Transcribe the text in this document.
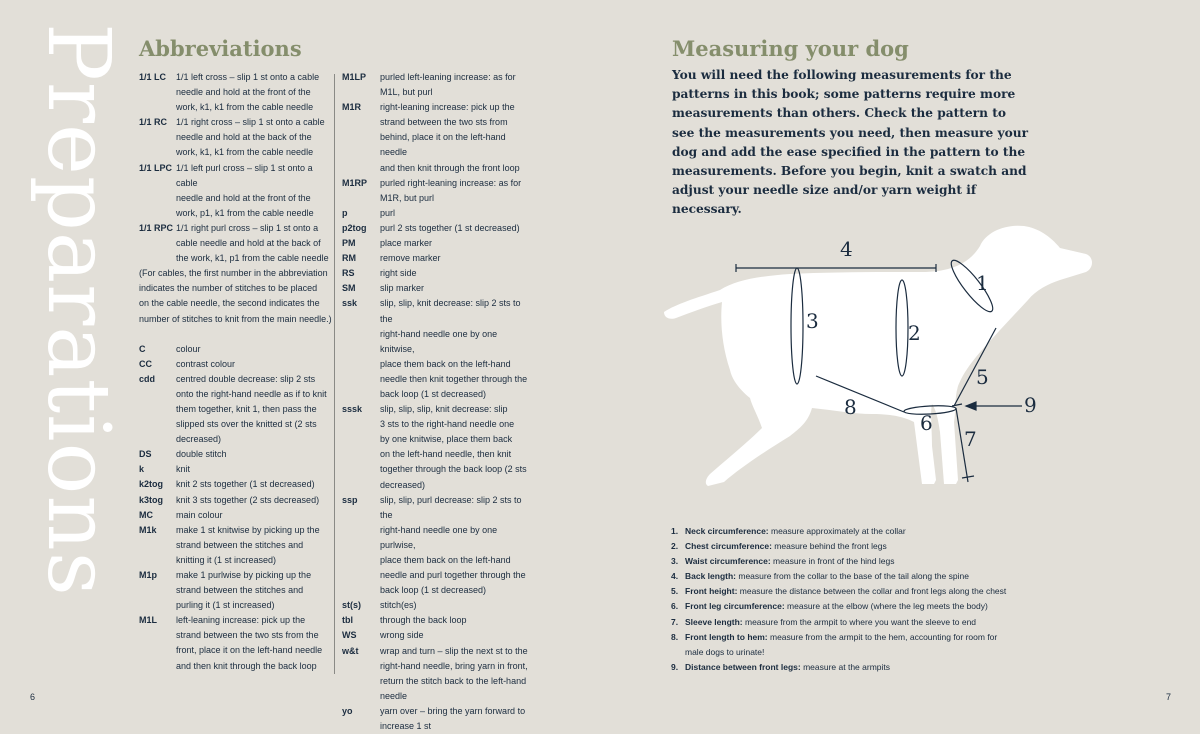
Preparations Abbreviations
1/1 LC	1/1 left cross – slip 1 st onto a cable
needle and hold at the front of the
work, k1, k1 from the cable needle
1/1 RC 1/1 right cross – slip 1 st onto a cable
needle and hold at the back of the
work, k1, k1 from the cable needle
1/1 LPC 1/1 left purl cross – slip 1 st onto a cable
needle and hold at the front of the
work, p1, k1 from the cable needle
1/1 RPC 1/1 right purl cross – slip 1 st onto a
cable needle and hold at the back of
the work, k1, p1 from the cable needle
(For cables, the first number in the abbreviation
indicates the number of stitches to be placed
on the cable needle, the second indicates the
number of stitches to knit from the main needle.)
C	colour
CC	contrast colour
cdd	centred double decrease: slip 2 sts
onto the right-hand needle as if to knit
them together, knit 1, then pass the
slipped sts over the knitted st (2 sts
decreased)
DS	double stitch
k	knit
k2tog	knit 2 sts together (1 st decreased)
k3tog	knit 3 sts together (2 sts decreased)
MC	main colour
M1k	make 1 st knitwise by picking up the
strand between the stitches and
knitting it (1 st increased)
M1p	make 1 purlwise by picking up the
strand between the stitches and
purling it (1 st increased)
M1L	left-leaning increase: pick up the
strand between the two sts from the
front, place it on the left-hand needle
and then knit through the back loop
M1LP	purled left-leaning increase: as for
M1L, but purl
M1R	right-leaning increase: pick up the
strand between the two sts from
behind, place it on the left-hand needle
and then knit through the front loop
M1RP	purled right-leaning increase: as for
M1R, but purl
p	purl
p2tog	purl 2 sts together (1 st decreased)
PM	place marker
RM	remove marker
RS	right side
SM	slip marker
ssk	slip, slip, knit decrease: slip 2 sts to the
right-hand needle one by one knitwise,
place them back on the left-hand
needle then knit together through the
back loop (1 st decreased)
sssk	slip, slip, slip, knit decrease: slip
3 sts to the right-hand needle one
by one knitwise, place them back
on the left-hand needle, then knit
together through the back loop (2 sts
decreased)
ssp	slip, slip, purl decrease: slip 2 sts to the
right-hand needle one by one purlwise,
place them back on the left-hand
needle and purl together through the
back loop (1 st decreased)
st(s)	stitch(es)
tbl	through the back loop
WS	wrong side
w&t	wrap and turn – slip the next st to the
right-hand needle, bring yarn in front,
return the stitch back to the left-hand
needle
yo	yarn over – bring the yarn forward to
increase 1 st
6
Measuring your dog

You will need the following measurements for the patterns in this book; some patterns require more measurements than others. Check the pattern to see the measurements you need, then measure your dog and add the ease specified in the pattern to the measurements. Before you begin, knit a swatch and adjust your needle size and/or yarn weight if necessary.

1
2
3
4
5
6
7
8	9
1. Neck circumference: measure approximately at the collar
2. Chest circumference: measure behind the front legs
3. Waist circumference: measure in front of the hind legs
4. Back length: measure from the collar to the base of the tail along the spine
5. Front height: measure the distance between the collar and front legs along the chest
6. Front leg circumference: measure at the elbow (where the leg meets the body)
7. Sleeve length: measure from the armpit to where you want the sleeve to end
8. Front length to hem: measure from the armpit to the hem, accounting for room for
male dogs to urinate!
9. Distance between front legs: measure at the armpits
7
